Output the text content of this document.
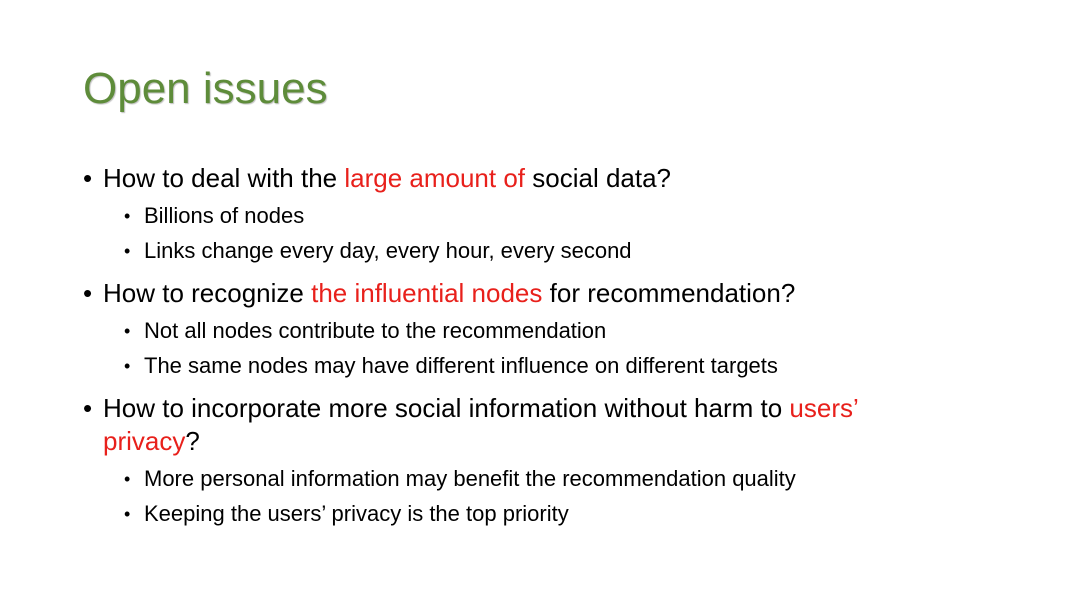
Open issues
• How to deal with the large amount of social data?
• Billions of nodes
• Links change every day, every hour, every second
• How to recognize the influential nodes for recommendation?
• Not all nodes contribute to the recommendation
• The same nodes may have different influence on different targets
• How to incorporate more social information without harm to users’
privacy?
• More personal information may benefit the recommendation quality
• Keeping the users’ privacy is the top priority
